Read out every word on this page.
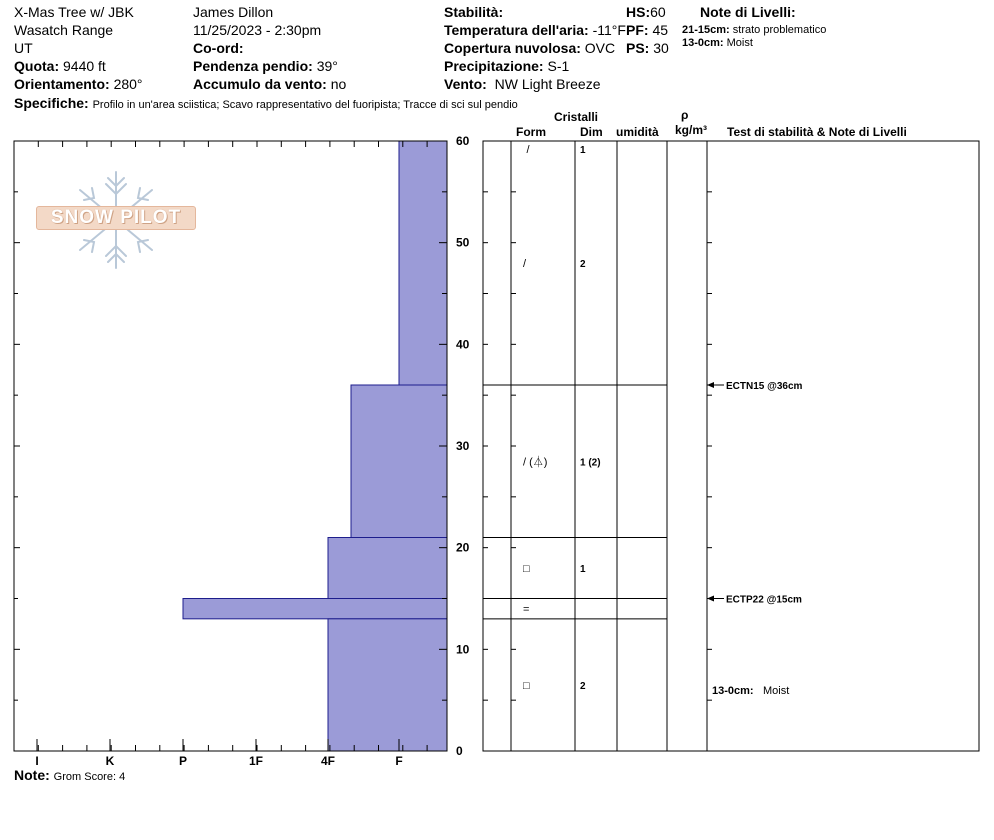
X-Mas Tree w/ JBK
Wasatch Range
UT
Quota: 9440 ft
Orientamento: 280°
James Dillon
11/25/2023 - 2:30pm
Co-ord:
Pendenza pendio: 39°
Accumulo da vento: no
Stabilità:
Temperatura dell'aria: -11°F
Copertura nuvolosa: OVC
Precipitazione: S-1
Vento: NW Light Breeze
HS:60
PF: 45
PS: 30
Note di Livelli:
21-15cm: strato problematico
13-0cm: Moist
Specifiche: Profilo in un'area sciistica; Scavo rappresentativo del fuoripista; Tracce di sci sul pendio
Cristalli
Form	Dim umidità
ρ
kg/m³ Test di stabilità & Note di Livelli
SNOW PILOT
I	K	P	1F	4F	F
0
10
20
30
40
50
60
/	1
/	2
/ (⏃)	1 (2)
□	1
=
□	2
ECTN15 @36cm
ECTP22 @15cm
13-0cm: Moist
Note: Grom Score: 4
